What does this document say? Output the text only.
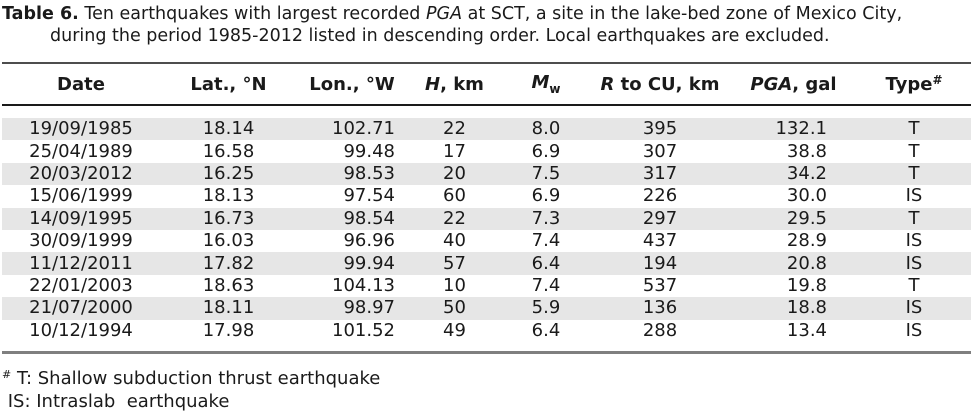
Table 6. Ten earthquakes with largest recorded PGA at SCT, a site in the lake-bed zone of Mexico City,
during the period 1985-2012 listed in descending order. Local earthquakes are excluded.
Date	Lat., °N	Lon., °W	H, km	$M_w$	R to CU, km	PGA, gal	Type#
19/09/1985	18.14	102.71	22	8.0	395	132.1	T
25/04/1989	16.58	99.48	17	6.9	307	38.8	T
20/03/2012	16.25	98.53	20	7.5	317	34.2	T
15/06/1999	18.13	97.54	60	6.9	226	30.0	IS
14/09/1995	16.73	98.54	22	7.3	297	29.5	T
30/09/1999	16.03	96.96	40	7.4	437	28.9	IS
11/12/2011	17.82	99.94	57	6.4	194	20.8	IS
22/01/2003	18.63	104.13	10	7.4	537	19.8	T
21/07/2000	18.11	98.97	50	5.9	136	18.8	IS
10/12/1994	17.98	101.52	49	6.4	288	13.4	IS
# T: Shallow subduction thrust earthquake
IS: Intraslab  earthquake
